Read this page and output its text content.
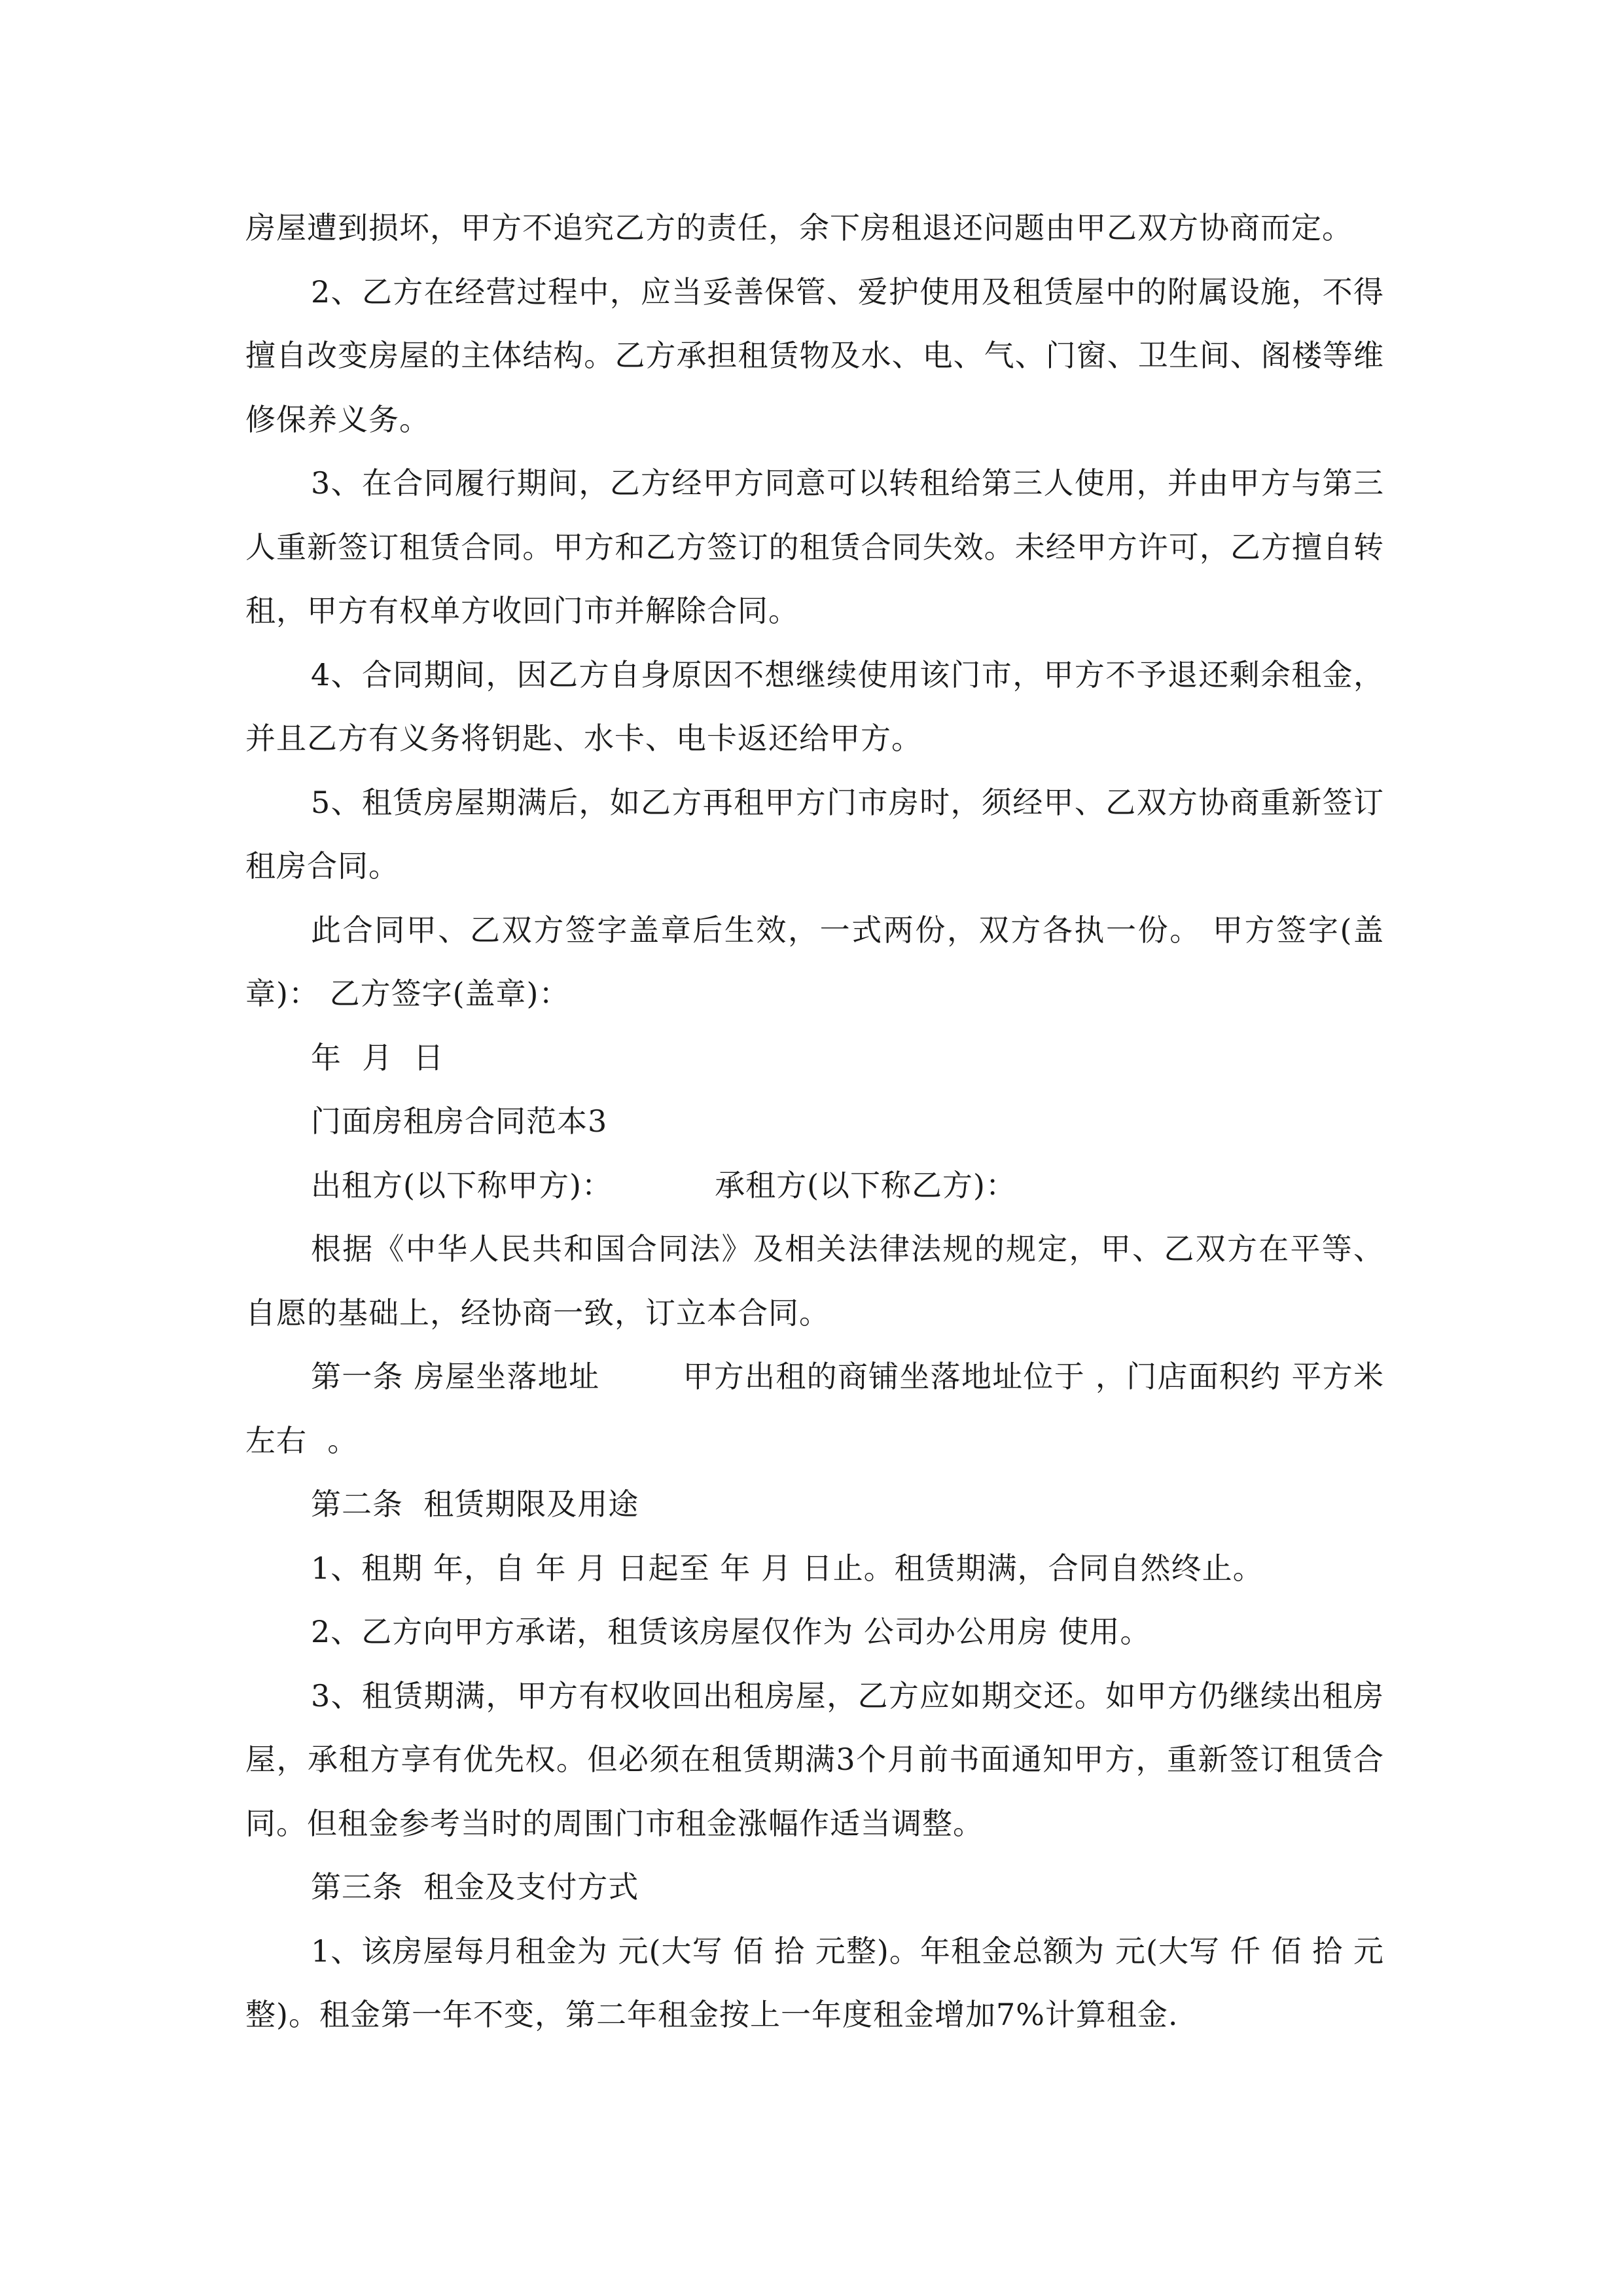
房屋遭到损坏，甲方不追究乙方的责任，余下房租退还问题由甲乙双方协商而定。

2、乙方在经营过程中，应当妥善保管、爱护使用及租赁屋中的附属设施，不得擅自改变房屋的主体结构。乙方承担租赁物及水、电、气、门窗、卫生间、阁楼等维修保养义务。

3、在合同履行期间，乙方经甲方同意可以转租给第三人使用，并由甲方与第三人重新签订租赁合同。甲方和乙方签订的租赁合同失效。未经甲方许可，乙方擅自转租，甲方有权单方收回门市并解除合同。

4、合同期间，因乙方自身原因不想继续使用该门市，甲方不予退还剩余租金，并且乙方有义务将钥匙、水卡、电卡返还给甲方。

5、租赁房屋期满后，如乙方再租甲方门市房时，须经甲、乙双方协商重新签订租房合同。

此合同甲、乙双方签字盖章后生效，一式两份，双方各执一份。 甲方签字(盖章)： 乙方签字(盖章)：

年  月  日

门面房租房合同范本3

出租方(以下称甲方)：          承租方(以下称乙方)：

根据《中华人民共和国合同法》及相关法律法规的规定，甲、乙双方在平等、自愿的基础上，经协商一致，订立本合同。

第一条 房屋坐落地址        甲方出租的商铺坐落地址位于 ，门店面积约 平方米左右  。

第二条  租赁期限及用途

1、租期 年，自 年 月 日起至 年 月 日止。租赁期满，合同自然终止。

2、乙方向甲方承诺，租赁该房屋仅作为 公司办公用房 使用。

3、租赁期满，甲方有权收回出租房屋，乙方应如期交还。如甲方仍继续出租房屋，承租方享有优先权。但必须在租赁期满3个月前书面通知甲方，重新签订租赁合同。但租金参考当时的周围门市租金涨幅作适当调整。

第三条  租金及支付方式

1、该房屋每月租金为 元(大写 佰 拾 元整)。年租金总额为 元(大写 仟 佰 拾 元整)。租金第一年不变，第二年租金按上一年度租金增加7%计算租金.
